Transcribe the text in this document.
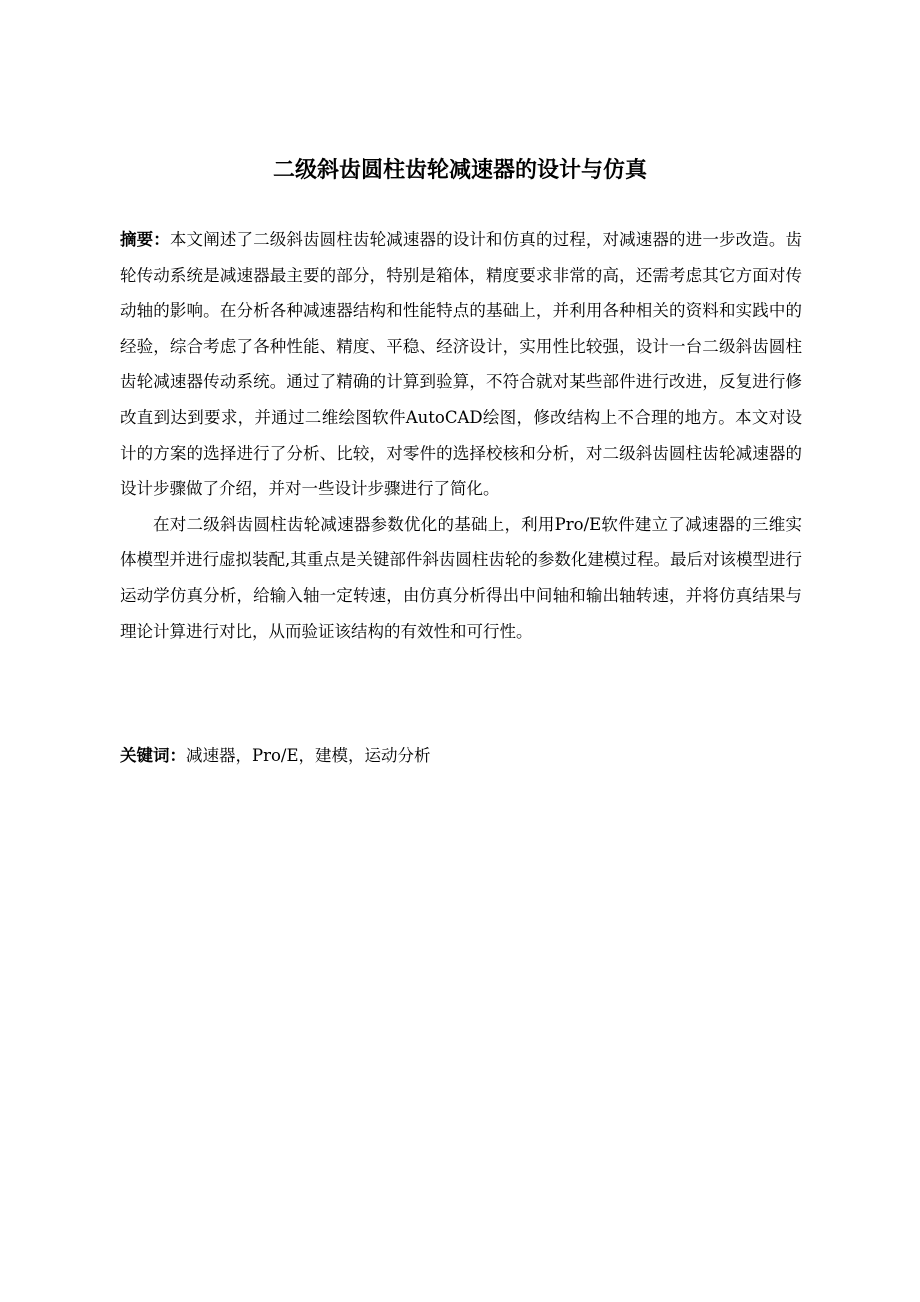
二级斜齿圆柱齿轮减速器的设计与仿真

摘要：本文阐述了二级斜齿圆柱齿轮减速器的设计和仿真的过程，对减速器的进一步改造。齿轮传动系统是减速器最主要的部分，特别是箱体，精度要求非常的高，还需考虑其它方面对传动轴的影响。在分析各种减速器结构和性能特点的基础上，并利用各种相关的资料和实践中的经验，综合考虑了各种性能、精度、平稳、经济设计，实用性比较强，设计一台二级斜齿圆柱齿轮减速器传动系统。通过了精确的计算到验算，不符合就对某些部件进行改进，反复进行修改直到达到要求，并通过二维绘图软件AutoCAD绘图，修改结构上不合理的地方。本文对设计的方案的选择进行了分析、比较，对零件的选择校核和分析，对二级斜齿圆柱齿轮减速器的设计步骤做了介绍，并对一些设计步骤进行了简化。

在对二级斜齿圆柱齿轮减速器参数优化的基础上，利用Pro/E软件建立了减速器的三维实体模型并进行虚拟装配,其重点是关键部件斜齿圆柱齿轮的参数化建模过程。最后对该模型进行运动学仿真分析，给输入轴一定转速，由仿真分析得出中间轴和输出轴转速，并将仿真结果与理论计算进行对比，从而验证该结构的有效性和可行性。

关键词：减速器，Pro/E，建模，运动分析
